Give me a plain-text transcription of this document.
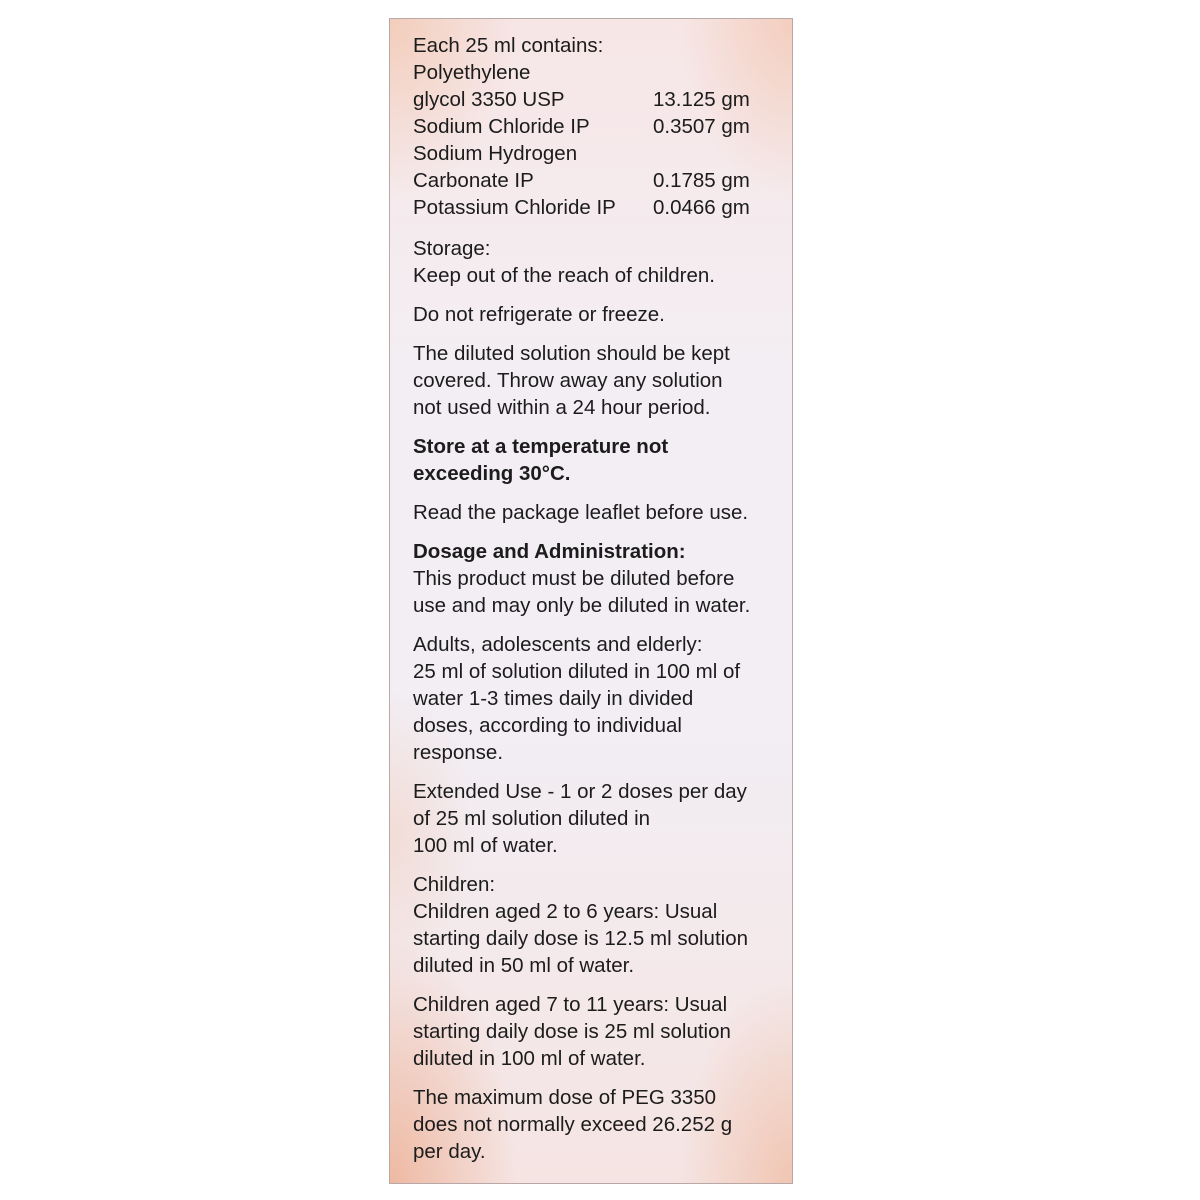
Each 25 ml contains:
Polyethylene
glycol 3350 USP	13.125 gm
Sodium Chloride IP	0.3507 gm
Sodium Hydrogen
Carbonate IP	0.1785 gm
Potassium Chloride IP 0.0466 gm
Storage:
Keep out of the reach of children.
Do not refrigerate or freeze.
The diluted solution should be kept
covered. Throw away any solution
not used within a 24 hour period.
Store at a temperature not
exceeding 30°C.
Read the package leaflet before use.
Dosage and Administration:
This product must be diluted before
use and may only be diluted in water.
Adults, adolescents and elderly:
25 ml of solution diluted in 100 ml of
water 1-3 times daily in divided
doses, according to individual
response.
Extended Use - 1 or 2 doses per day
of 25 ml solution diluted in
100 ml of water.
Children:
Children aged 2 to 6 years: Usual
starting daily dose is 12.5 ml solution
diluted in 50 ml of water.
Children aged 7 to 11 years: Usual
starting daily dose is 25 ml solution
diluted in 100 ml of water.
The maximum dose of PEG 3350
does not normally exceed 26.252 g
per day.
